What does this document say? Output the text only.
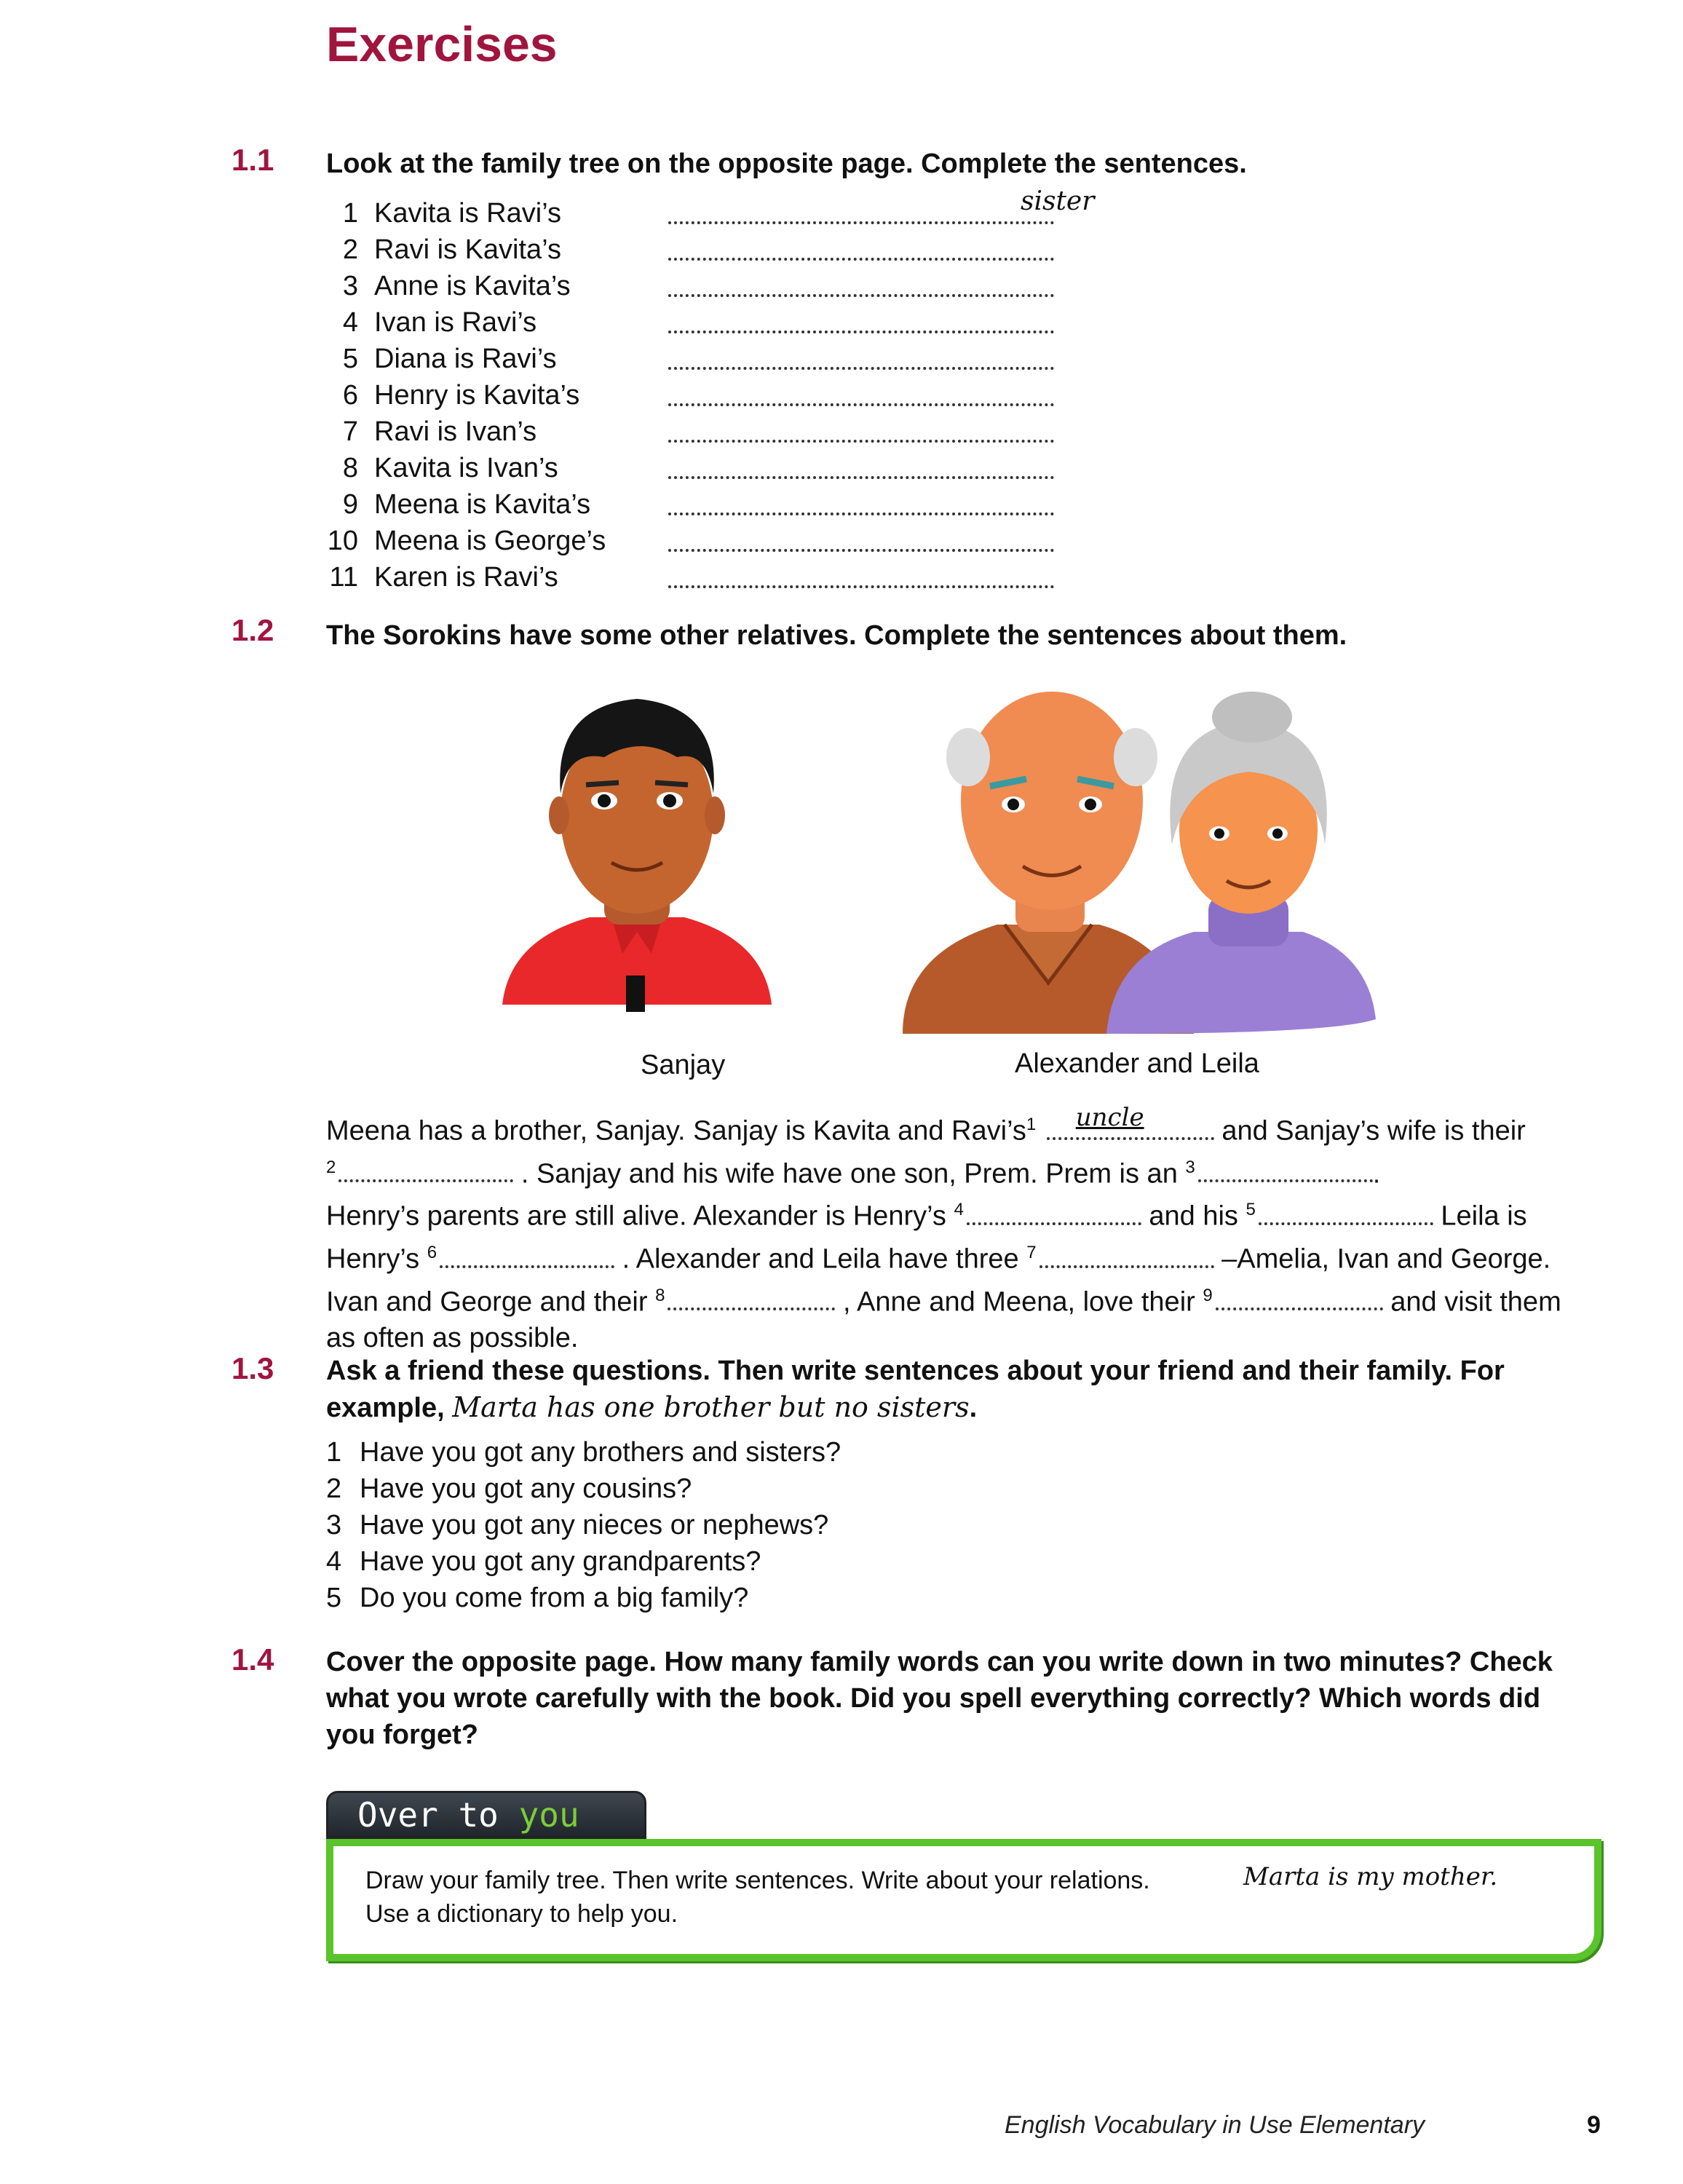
Exercises
1.1 Look at the family tree on the opposite page. Complete the sentences.
1 Kavita is Ravi’s	sister
2 Ravi is Kavita’s
3 Anne is Kavita’s
4 Ivan is Ravi’s
5 Diana is Ravi’s
6 Henry is Kavita’s
7 Ravi is Ivan’s
8 Kavita is Ivan’s
9 Meena is Kavita’s
10 Meena is George’s
11 Karen is Ravi’s
1.2 The Sorokins have some other relatives. Complete the sentences about them.
Sanjay	Alexander and Leila
Meena has a brother, Sanjay. Sanjay is Kavita and $Ravi’s^1$ uncle	and Sanjay’s wife is their
$^2$	. Sanjay and his wife have one son, Prem. Prem is an $^3$	.
Henry’s parents are still alive. Alexander is Henry’s $^4$	and his $^5$	Leila is
Henry’s $^6$	. Alexander and Leila have three $^7$	–Amelia, Ivan and George.
Ivan and George and their $^8$	, Anne and Meena, love their $^9$	and visit them
as often as possible.
1.3 Ask a friend these questions. Then write sentences about your friend and their family. For example, Marta has one brother but no sisters.
1 Have you got any brothers and sisters?
2 Have you got any cousins?
3 Have you got any nieces or nephews?
4 Have you got any grandparents?
5 Do you come from a big family?
1.4 Cover the opposite page. How many family words can you write down in two minutes? Check what you wrote carefully with the book. Did you spell everything correctly? Which words did you forget?
Over to you
Draw your family tree. Then write sentences. Write about your relations.
Use a dictionary to help you.
Marta is my mother.
English Vocabulary in Use Elementary	9
